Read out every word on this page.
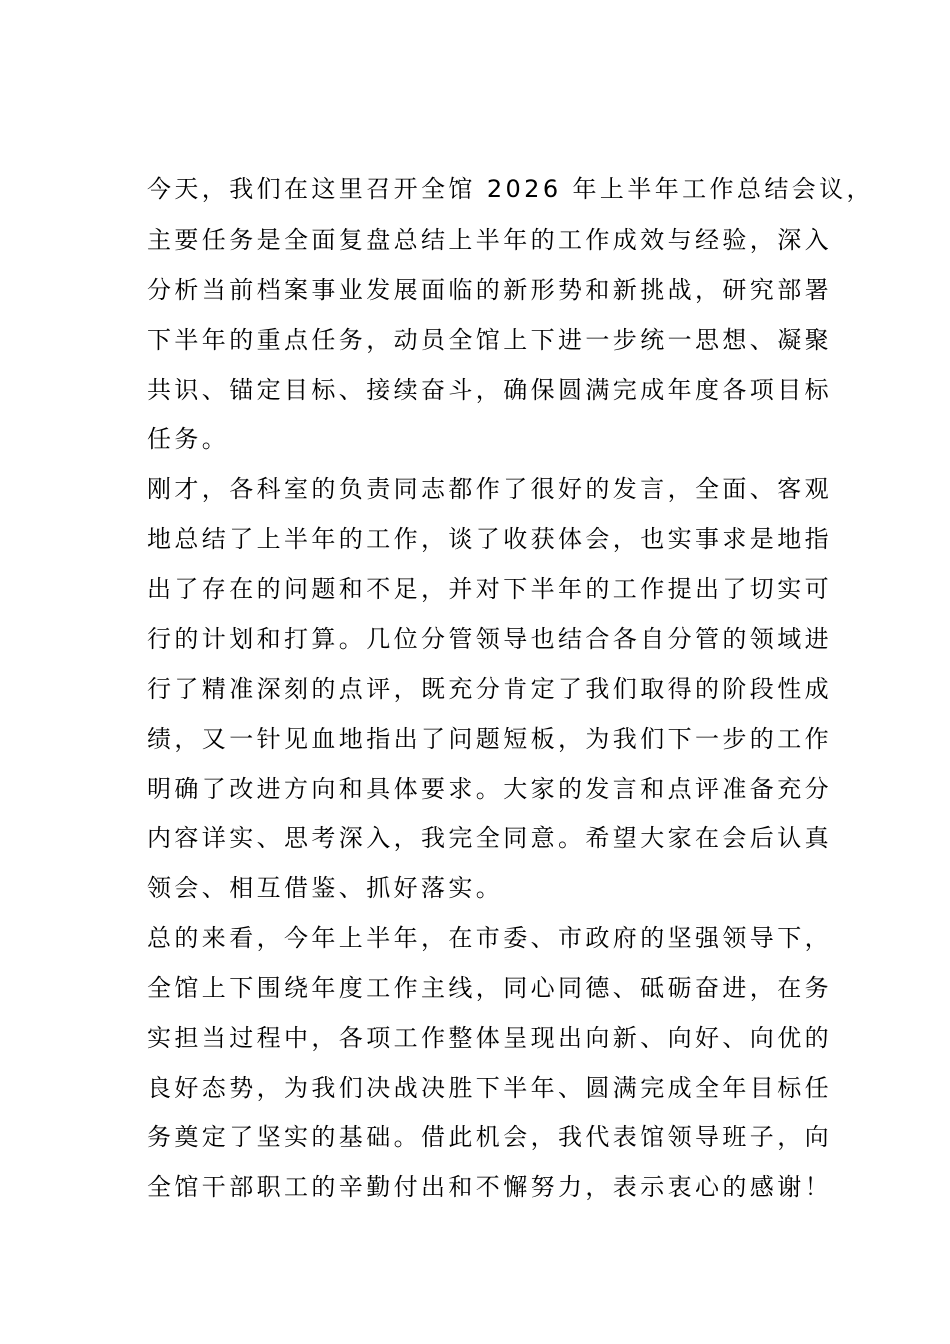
今天，我们在这里召开全馆 2026 年上半年工作总结会议，
主要任务是全面复盘总结上半年的工作成效与经验，深入
分析当前档案事业发展面临的新形势和新挑战，研究部署
下半年的重点任务，动员全馆上下进一步统一思想、凝聚
共识、锚定目标、接续奋斗，确保圆满完成年度各项目标
任务。
刚才，各科室的负责同志都作了很好的发言，全面、客观
地总结了上半年的工作，谈了收获体会，也实事求是地指
出了存在的问题和不足，并对下半年的工作提出了切实可
行的计划和打算。几位分管领导也结合各自分管的领域进
行了精准深刻的点评，既充分肯定了我们取得的阶段性成
绩，又一针见血地指出了问题短板，为我们下一步的工作
明确了改进方向和具体要求。大家的发言和点评准备充分
内容详实、思考深入，我完全同意。希望大家在会后认真
领会、相互借鉴、抓好落实。
总的来看，今年上半年，在市委、市政府的坚强领导下，
全馆上下围绕年度工作主线，同心同德、砥砺奋进，在务
实担当过程中，各项工作整体呈现出向新、向好、向优的
良好态势，为我们决战决胜下半年、圆满完成全年目标任
务奠定了坚实的基础。借此机会，我代表馆领导班子，向
全馆干部职工的辛勤付出和不懈努力，表示衷心的感谢！
